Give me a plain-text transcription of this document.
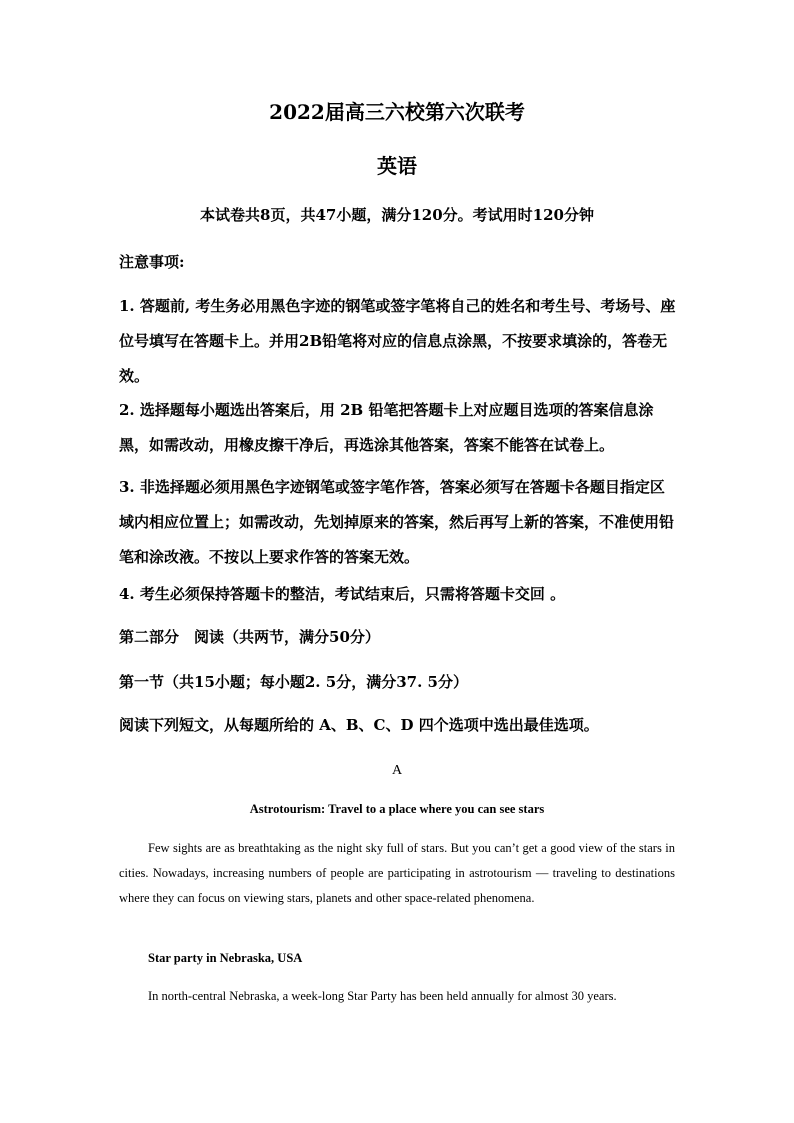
2022届高三六校第六次联考
英语
本试卷共8页，共47小题，满分120分。考试用时120分钟
注意事项:
1. 答题前, 考生务必用黑色字迹的钢笔或签字笔将自己的姓名和考生号、考场号、座位号填写在答题卡上。并用2B铅笔将对应的信息点涂黑，不按要求填涂的，答卷无效。
2. 选择题每小题选出答案后，用 2B 铅笔把答题卡上对应题目选项的答案信息涂黑，如需改动，用橡皮擦干净后，再选涂其他答案，答案不能答在试卷上。
3. 非选择题必须用黑色字迹钢笔或签字笔作答，答案必须写在答题卡各题目指定区域内相应位置上；如需改动，先划掉原来的答案，然后再写上新的答案，不准使用铅笔和涂改液。不按以上要求作答的答案无效。
4. 考生必须保持答题卡的整洁，考试结束后，只需将答题卡交回 。
第二部分　阅读（共两节，满分50分）
第一节（共15小题；每小题2. 5分，满分37. 5分）
阅读下列短文，从每题所给的 A、B、C、D 四个选项中选出最佳选项。
A
Astrotourism: Travel to a place where you can see stars
Few sights are as breathtaking as the night sky full of stars. But you can’t get a good view of the stars in cities. Nowadays, increasing numbers of people are participating in astrotourism — traveling to destinations where they can focus on viewing stars, planets and other space-related phenomena.
Star party in Nebraska, USA
In north-central Nebraska, a week-long Star Party has been held annually for almost 30 years.
